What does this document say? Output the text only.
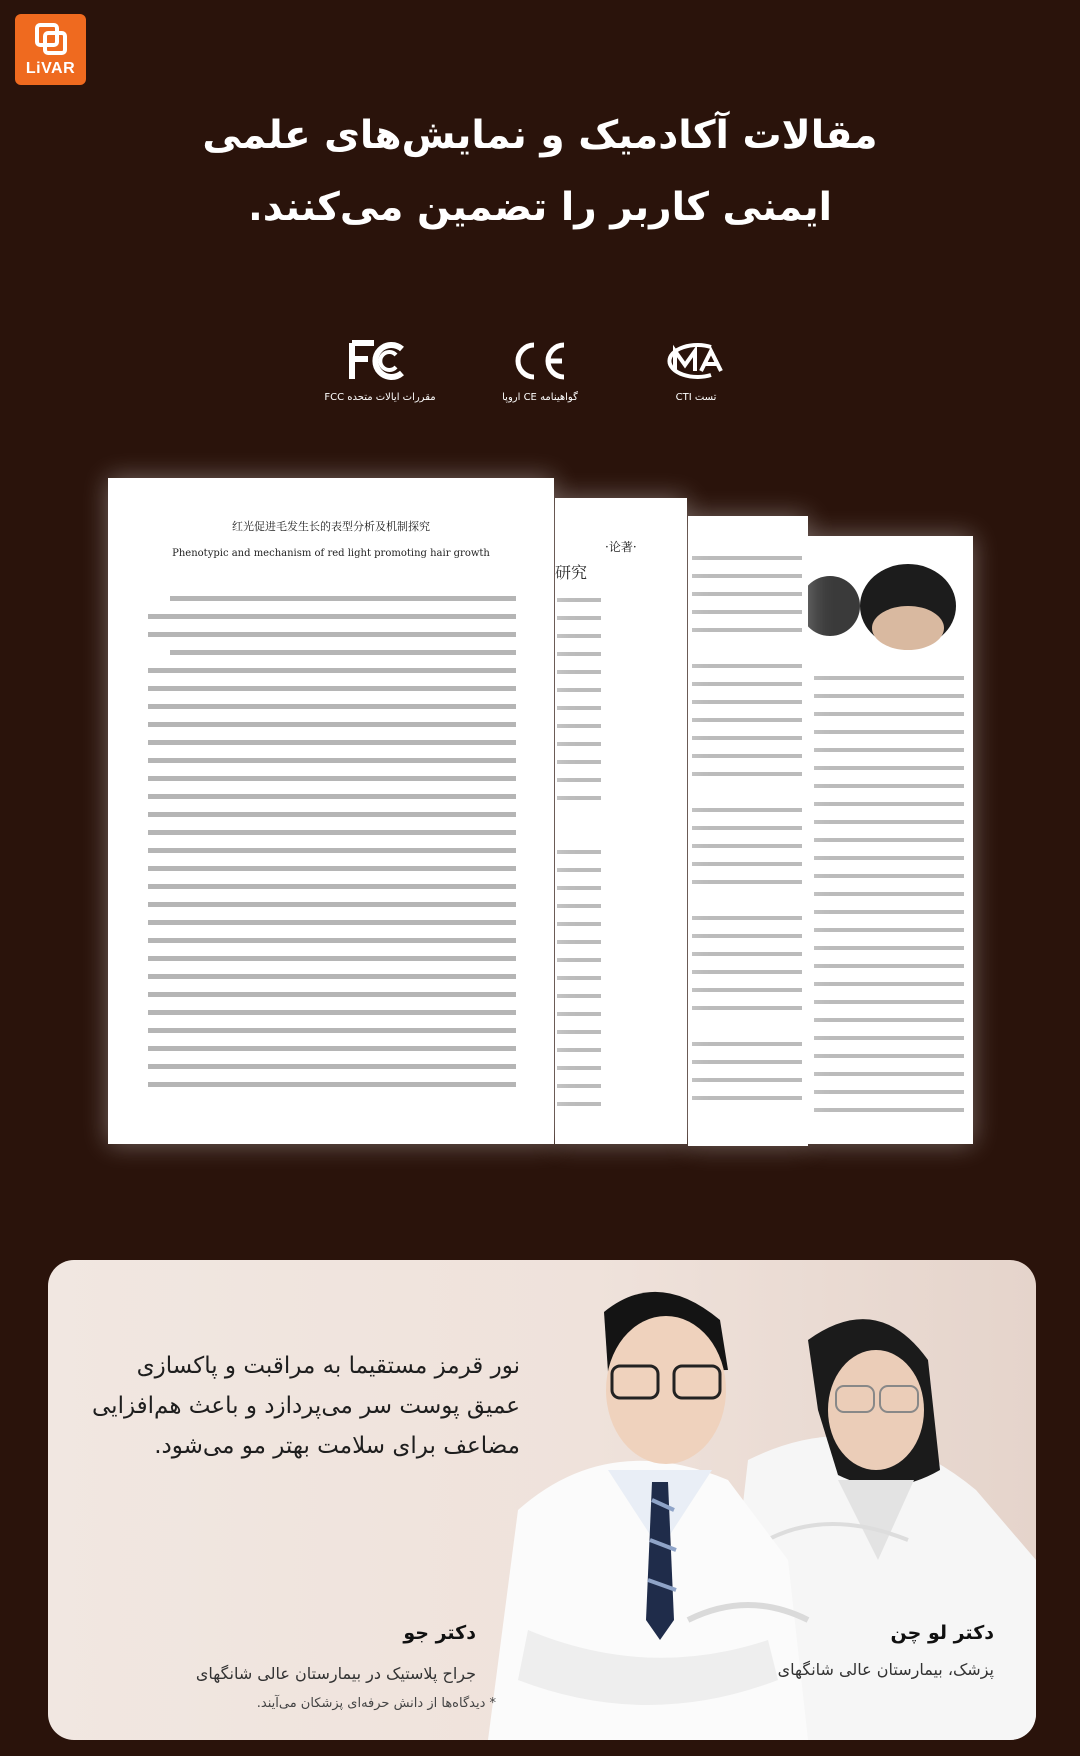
LiVAR
مقالات آکادمیک و نمایش‌های علمی
ایمنی کاربر را تضمین می‌کنند.
مقررات ایالات متحده FCC	گواهینامه CE اروپا	تست CTI
·论著·
研究
红光促进毛发生长的表型分析及机制探究
Phenotypic and mechanism of red light promoting hair growth
نور قرمز مستقیما به مراقبت و پاکسازی
عمیق پوست سر می‌پردازد و باعث هم‌افزایی
مضاعف برای سلامت بهتر مو می‌شود.
دکتر جو
جراح پلاستیک در بیمارستان عالی شانگهای
* دیدگاه‌ها از دانش حرفه‌ای پزشکان می‌آیند.
دکتر لو چن
پزشک، بیمارستان عالی شانگهای
